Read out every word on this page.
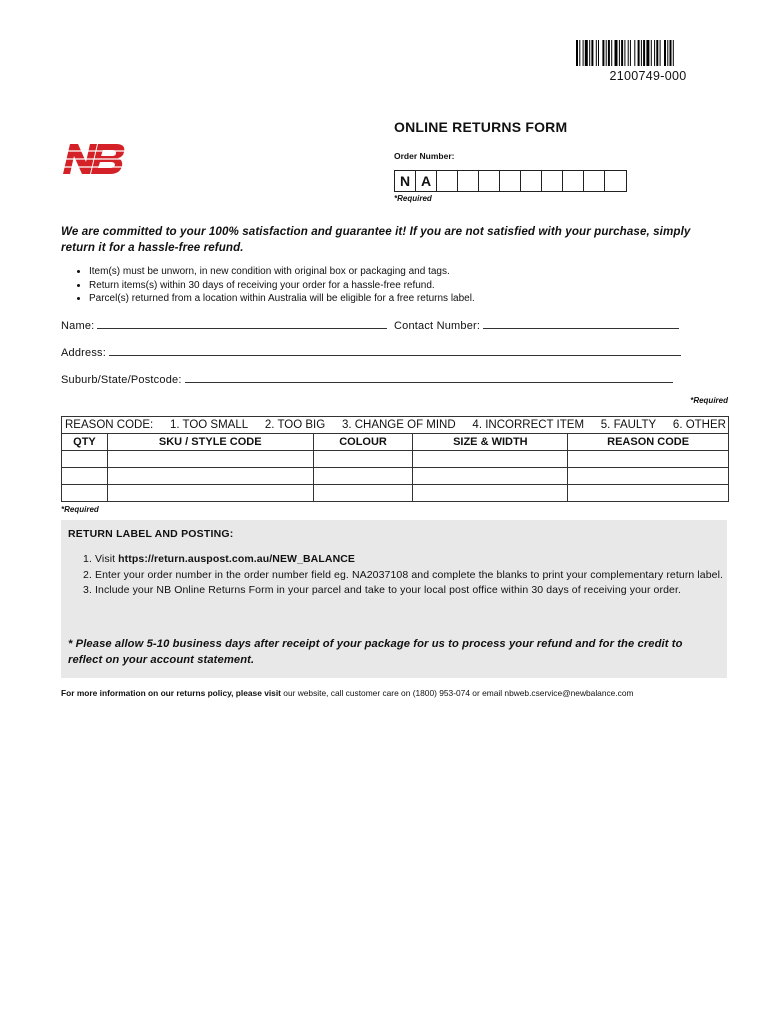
2100749-000
ONLINE RETURNS FORM
Order Number:
N A
*Required
We are committed to your 100% satisfaction and guarantee it! If you are not satisfied with your purchase, simply return it for a hassle-free refund.
• Item(s) must be unworn, in new condition with original box or packaging and tags.
• Return items(s) within 30 days of receiving your order for a hassle-free refund.
• Parcel(s) returned from a location within Australia will be eligible for a free returns label.
Name:	Contact Number:
Address:
Suburb/State/Postcode:
*Required
REASON CODE: 1. TOO SMALL 2. TOO BIG 3. CHANGE OF MIND 4. INCORRECT ITEM 5. FAULTY 6. OTHER
QTY	SKU / STYLE CODE	COLOUR	SIZE & WIDTH	REASON CODE

*Required
RETURN LABEL AND POSTING:
1. Visit https://return.auspost.com.au/NEW_BALANCE
2. Enter your order number in the order number field eg. NA2037108 and complete the blanks to print your complementary return label.
3. Include your NB Online Returns Form in your parcel and take to your local post office within 30 days of receiving your order.
* Please allow 5-10 business days after receipt of your package for us to process your refund and for the credit to reflect on your account statement.
For more information on our returns policy, please visit our website, call customer care on (1800) 953-074 or email nbweb.cservice@newbalance.com
